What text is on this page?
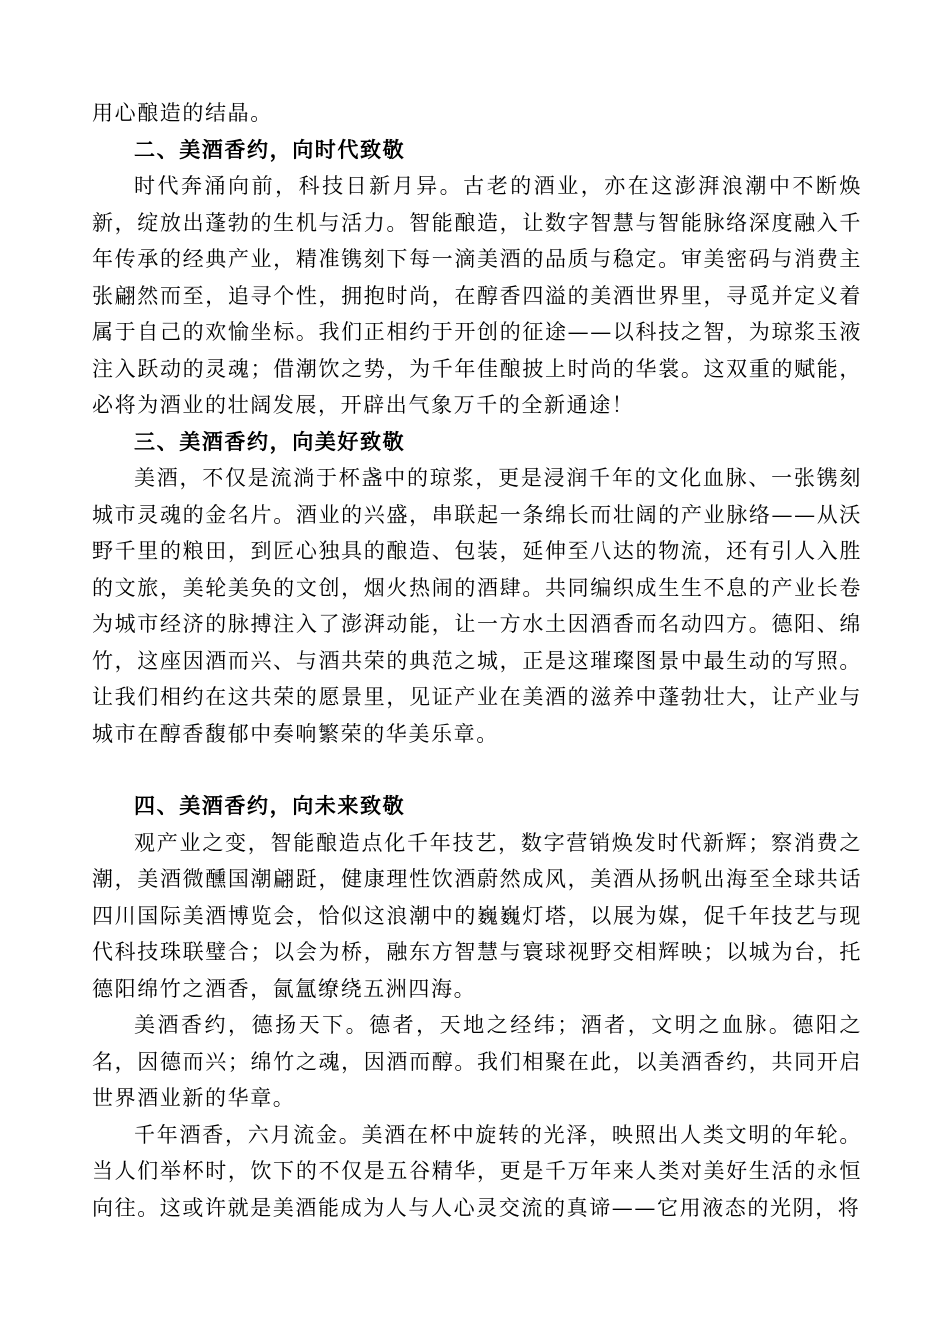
用心酿造的结晶。

二、美酒香约，向时代致敬

时代奔涌向前，科技日新月异。古老的酒业，亦在这澎湃浪潮中不断焕新，绽放出蓬勃的生机与活力。智能酿造，让数字智慧与智能脉络深度融入千年传承的经典产业，精准镌刻下每一滴美酒的品质与稳定。审美密码与消费主张翩然而至，追寻个性，拥抱时尚，在醇香四溢的美酒世界里，寻觅并定义着属于自己的欢愉坐标。我们正相约于开创的征途——以科技之智，为琼浆玉液注入跃动的灵魂；借潮饮之势，为千年佳酿披上时尚的华裳。这双重的赋能，必将为酒业的壮阔发展，开辟出气象万千的全新通途！

三、美酒香约，向美好致敬

美酒，不仅是流淌于杯盏中的琼浆，更是浸润千年的文化血脉、一张镌刻城市灵魂的金名片。酒业的兴盛，串联起一条绵长而壮阔的产业脉络——从沃野千里的粮田，到匠心独具的酿造、包装，延伸至八达的物流，还有引人入胜的文旅，美轮美奂的文创，烟火热闹的酒肆。共同编织成生生不息的产业长卷为城市经济的脉搏注入了澎湃动能，让一方水土因酒香而名动四方。德阳、绵竹，这座因酒而兴、与酒共荣的典范之城，正是这璀璨图景中最生动的写照。让我们相约在这共荣的愿景里，见证产业在美酒的滋养中蓬勃壮大，让产业与城市在醇香馥郁中奏响繁荣的华美乐章。

四、美酒香约，向未来致敬

观产业之变，智能酿造点化千年技艺，数字营销焕发时代新辉；察消费之潮，美酒微醺国潮翩跹，健康理性饮酒蔚然成风，美酒从扬帆出海至全球共话四川国际美酒博览会，恰似这浪潮中的巍巍灯塔，以展为媒，促千年技艺与现代科技珠联璧合；以会为桥，融东方智慧与寰球视野交相辉映；以城为台，托德阳绵竹之酒香，氤氲缭绕五洲四海。

美酒香约，德扬天下。德者，天地之经纬；酒者，文明之血脉。德阳之名，因德而兴；绵竹之魂，因酒而醇。我们相聚在此，以美酒香约，共同开启世界酒业新的华章。

千年酒香，六月流金。美酒在杯中旋转的光泽，映照出人类文明的年轮。当人们举杯时，饮下的不仅是五谷精华，更是千万年来人类对美好生活的永恒向往。这或许就是美酒能成为人与人心灵交流的真谛——它用液态的光阴，将
